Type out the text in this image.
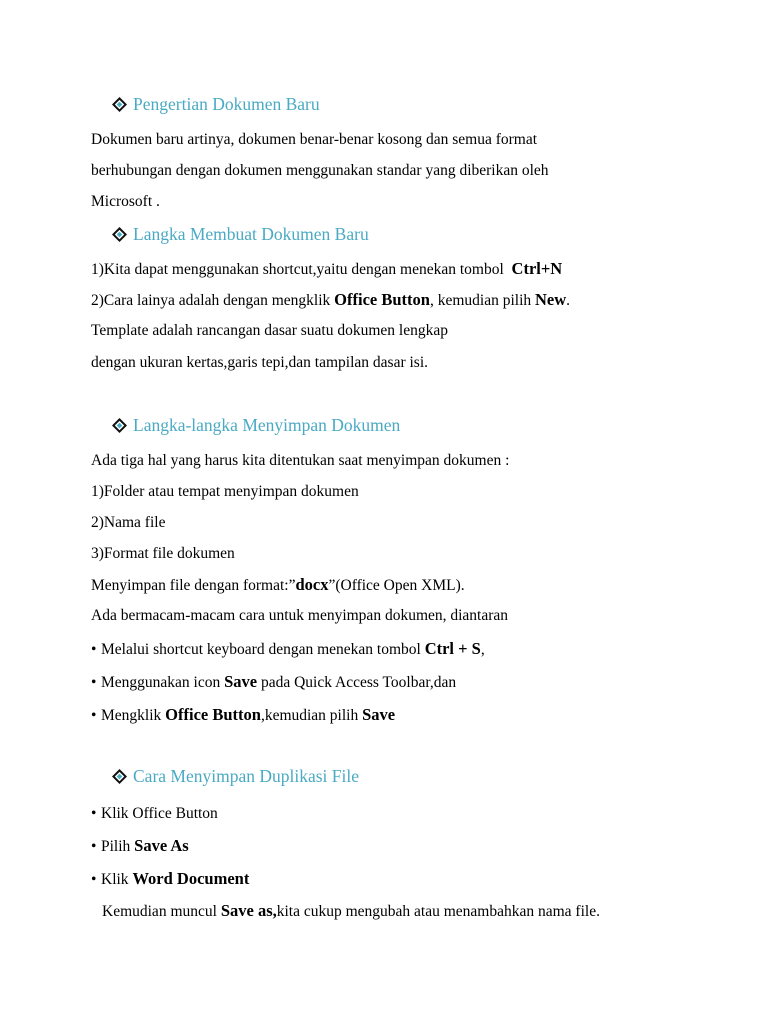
Pengertian Dokumen Baru
Dokumen baru artinya, dokumen benar-benar kosong dan semua format
berhubungan dengan dokumen menggunakan standar yang diberikan oleh
Microsoft .
Langka Membuat Dokumen Baru
1)Kita dapat menggunakan shortcut,yaitu dengan menekan tombol Ctrl+N
2)Cara lainya adalah dengan mengklik Office Button, kemudian pilih New.
Template adalah rancangan dasar suatu dokumen lengkap
dengan ukuran kertas,garis tepi,dan tampilan dasar isi.
Langka-langka Menyimpan Dokumen
Ada tiga hal yang harus kita ditentukan saat menyimpan dokumen :
1)Folder atau tempat menyimpan dokumen
2)Nama file
3)Format file dokumen
Menyimpan file dengan format:”docx”(Office Open XML).
Ada bermacam-macam cara untuk menyimpan dokumen, diantaran
• Melalui shortcut keyboard dengan menekan tombol Ctrl + S,
• Menggunakan icon Save pada Quick Access Toolbar,dan
• Mengklik Office Button,kemudian pilih Save
Cara Menyimpan Duplikasi File
• Klik Office Button
• Pilih Save As
• Klik Word Document
Kemudian muncul Save as,kita cukup mengubah atau menambahkan nama file.
